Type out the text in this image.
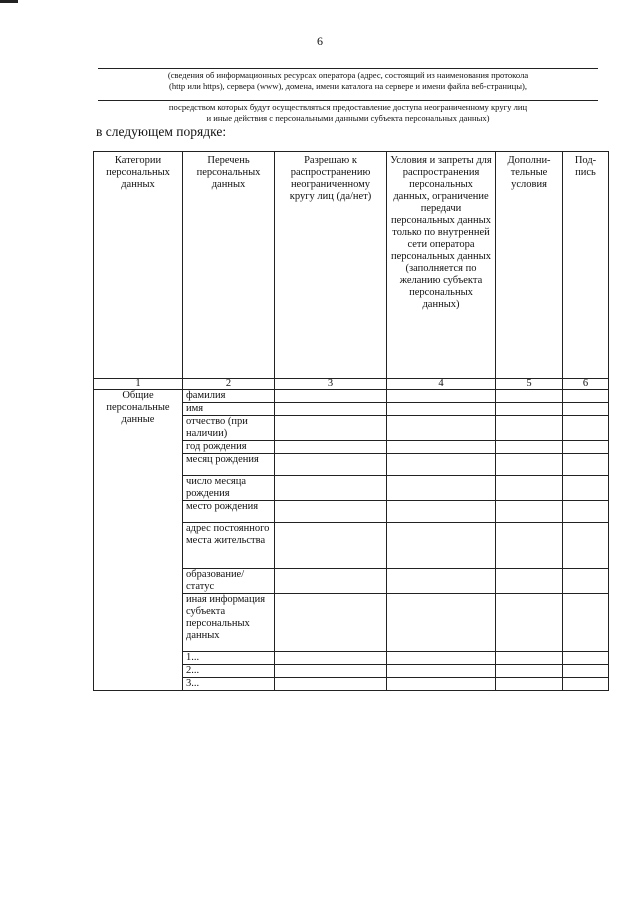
6
(сведения об информационных ресурсах оператора (адрес, состоящий из наименования протокола
(http или https), сервера (www), домена, имени каталога на сервере и имени файла веб-страницы),
посредством которых будут осуществляться предоставление доступа неограниченному кругу лиц
и иные действия с персональными данными субъекта персональных данных)
в следующем порядке:
Категории персональных данных	Перечень персональных данных	Разрешаю к распространению неограниченному кругу лиц (да/нет)	Условия и запреты для распространения персональных данных, ограничение передачи персональных данных только по внутренней сети оператора персональных данных (заполняется по желанию субъекта персональных данных)	Дополни-тельные условия	Под-пись
1	2	3	4	5	6
Общие персональные данные	фамилия				
	имя				
	отчество (при наличии)				
	год рождения				
	месяц рождения				
	число месяца рождения				
	место рождения				
	адрес постоянного места жительства				
	образование/ статус				
	иная информация субъекта персональных данных				
	1...				
	2...				
	3...				
